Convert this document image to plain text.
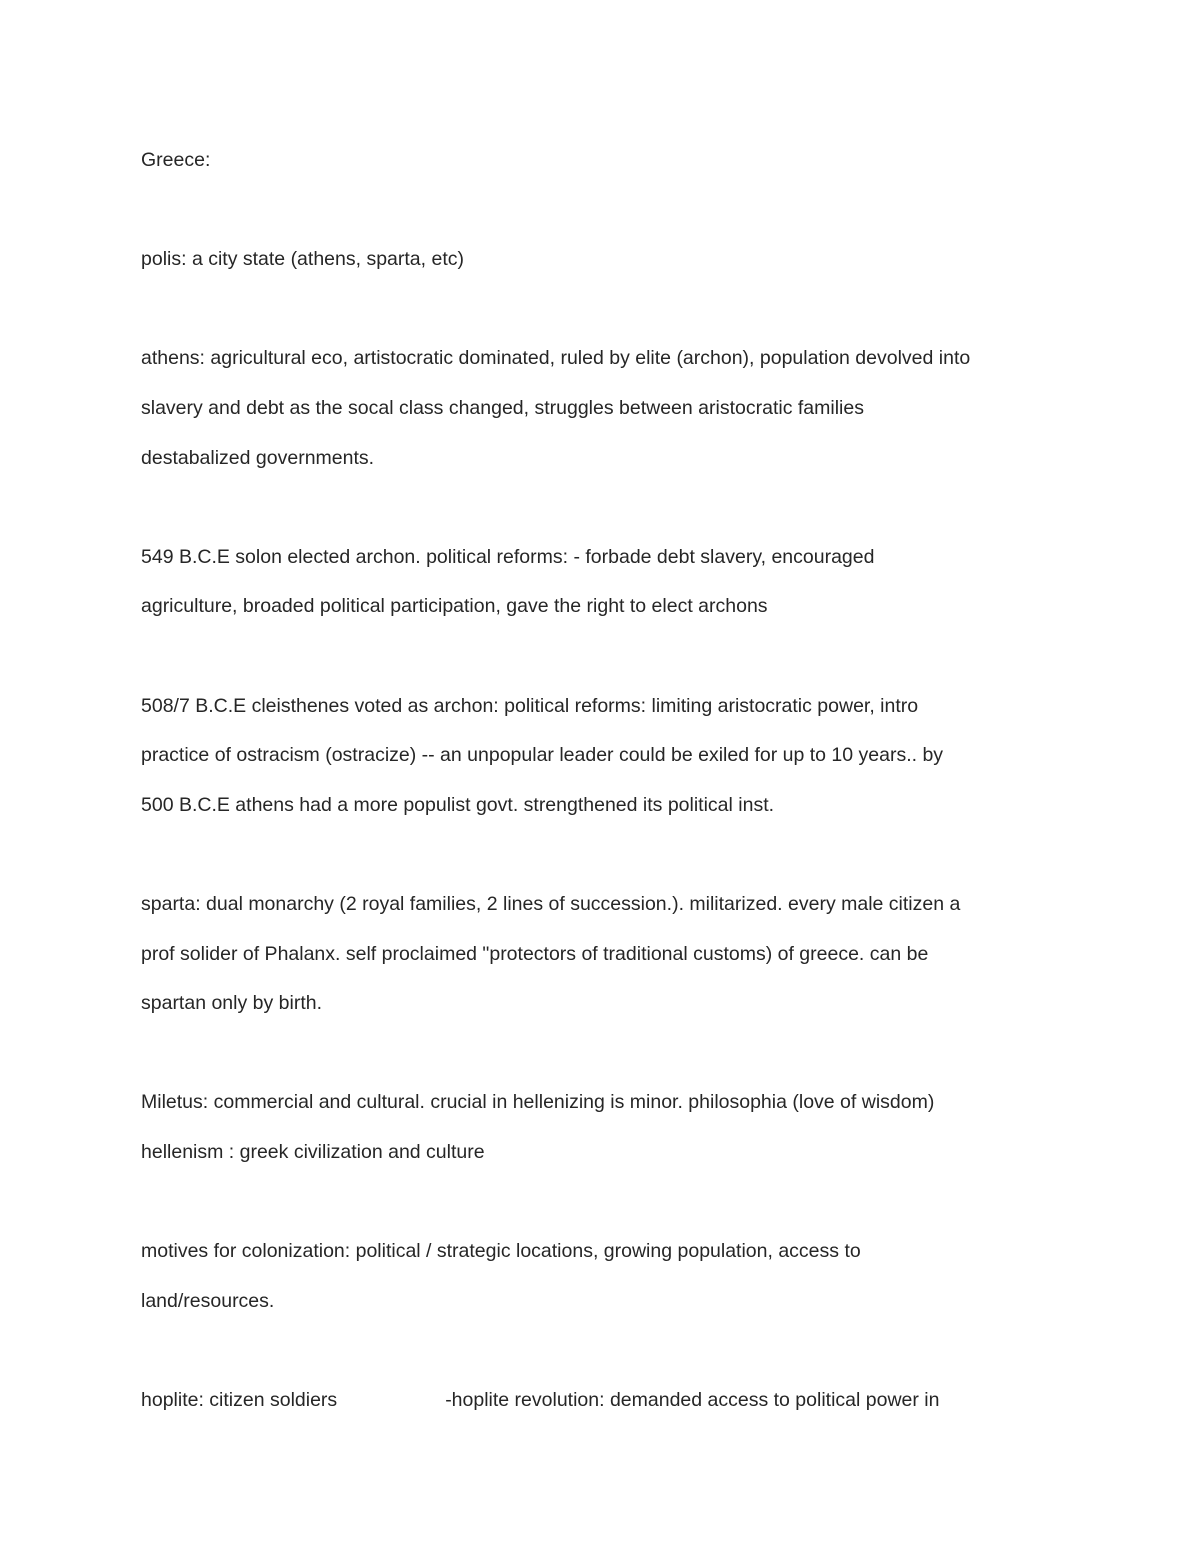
Greece:

polis: a city state (athens, sparta, etc)

athens: agricultural eco, artistocratic dominated, ruled by elite (archon), population devolved into
slavery and debt as the socal class changed, struggles between aristocratic families
destabalized governments.

549 B.C.E solon elected archon. political reforms: - forbade debt slavery, encouraged
agriculture, broaded political participation, gave the right to elect archons

508/7 B.C.E cleisthenes voted as archon: political reforms: limiting aristocratic power, intro
practice of ostracism (ostracize) -- an unpopular leader could be exiled for up to 10 years.. by
500 B.C.E athens had a more populist govt. strengthened its political inst.

sparta: dual monarchy (2 royal families, 2 lines of succession.). militarized. every male citizen a
prof solider of Phalanx. self proclaimed "protectors of traditional customs) of greece. can be
spartan only by birth.

Miletus: commercial and cultural. crucial in hellenizing is minor. philosophia (love of wisdom)
hellenism : greek civilization and culture

motives for colonization: political / strategic locations, growing population, access to
land/resources.

hoplite: citizen soldiers	-hoplite revolution: demanded access to political power in
